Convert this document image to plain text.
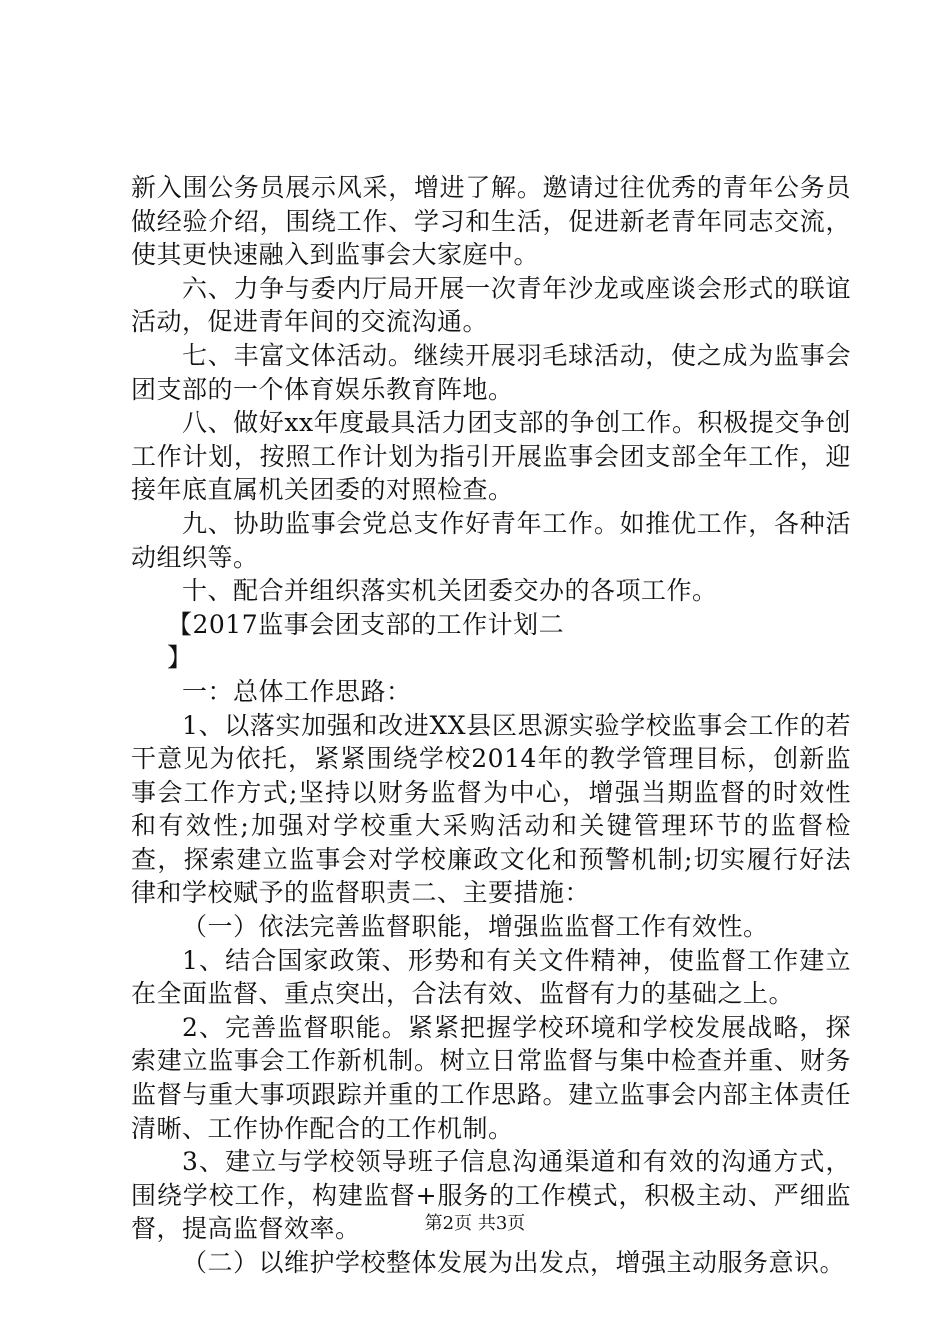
新入围公务员展示风采，增进了解。邀请过往优秀的青年公务员做经验介绍，围绕工作、学习和生活，促进新老青年同志交流，使其更快速融入到监事会大家庭中。

六、力争与委内厅局开展一次青年沙龙或座谈会形式的联谊活动，促进青年间的交流沟通。

七、丰富文体活动。继续开展羽毛球活动，使之成为监事会团支部的一个体育娱乐教育阵地。

八、做好xx年度最具活力团支部的争创工作。积极提交争创工作计划，按照工作计划为指引开展监事会团支部全年工作，迎接年底直属机关团委的对照检查。

九、协助监事会党总支作好青年工作。如推优工作，各种活动组织等。

十、配合并组织落实机关团委交办的各项工作。

【2017监事会团支部的工作计划二

】

一：总体工作思路：

1、以落实加强和改进XX县区思源实验学校监事会工作的若干意见为依托，紧紧围绕学校2014年的教学管理目标，创新监事会工作方式;坚持以财务监督为中心，增强当期监督的时效性和有效性;加强对学校重大采购活动和关键管理环节的监督检查，探索建立监事会对学校廉政文化和预警机制;切实履行好法律和学校赋予的监督职责二、主要措施：

（一）依法完善监督职能，增强监监督工作有效性。

1、结合国家政策、形势和有关文件精神，使监督工作建立在全面监督、重点突出，合法有效、监督有力的基础之上。

2、完善监督职能。紧紧把握学校环境和学校发展战略，探索建立监事会工作新机制。树立日常监督与集中检查并重、财务监督与重大事项跟踪并重的工作思路。建立监事会内部主体责任清晰、工作协作配合的工作机制。

3、建立与学校领导班子信息沟通渠道和有效的沟通方式，围绕学校工作，构建监督+服务的工作模式，积极主动、严细监督，提高监督效率。

（二）以维护学校整体发展为出发点，增强主动服务意识。

第2页 共3页
